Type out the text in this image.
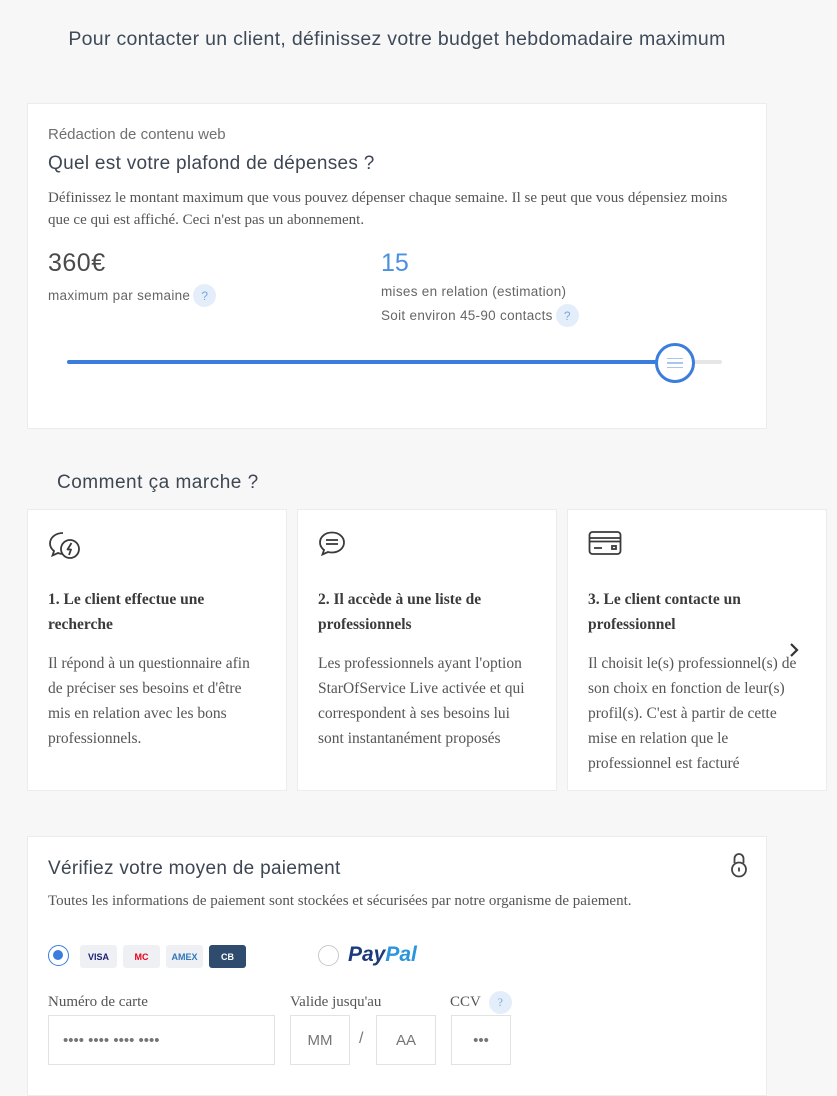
Pour contacter un client, définissez votre budget hebdomadaire maximum
Rédaction de contenu web
Quel est votre plafond de dépenses ?
Définissez le montant maximum que vous pouvez dépenser chaque semaine. Il se peut que vous dépensiez moins que ce qui est affiché. Ceci n'est pas un abonnement.
360€
maximum par semaine ?
15
mises en relation (estimation)
Soit environ 45-90 contacts ?
Comment ça marche ?
1. Le client effectue une recherche

Il répond à un questionnaire afin de préciser ses besoins et d'être mis en relation avec les bons professionnels.

2. Il accède à une liste de professionnels

Les professionnels ayant l'option StarOfService Live activée et qui correspondent à ses besoins lui sont instantanément proposés

3. Le client contacte un professionnel

Il choisit le(s) professionnel(s) de son choix en fonction de leur(s) profil(s). C'est à partir de cette mise en relation que le professionnel est facturé

Vérifiez votre moyen de paiement
Toutes les informations de paiement sont stockées et sécurisées par notre organisme de paiement.
VISA	MC	AMEX	CB	Pay Pal
Numéro de carte	Valide jusqu'au	CCV	?
•••• •••• •••• ••••
MM
/
AA
•••
